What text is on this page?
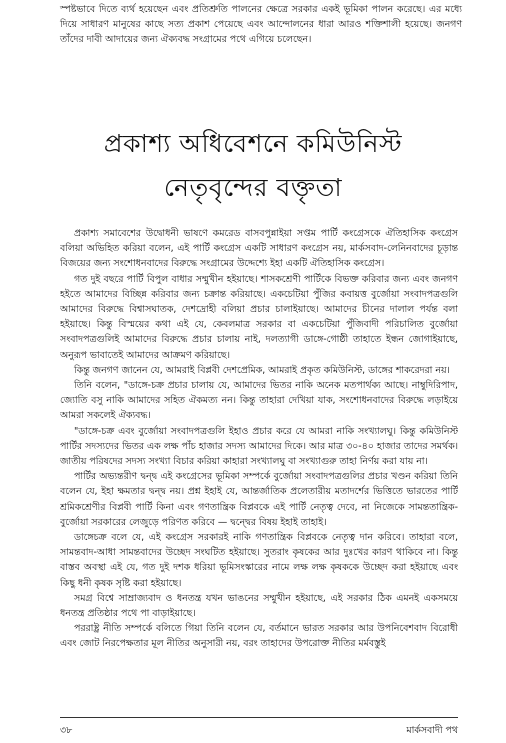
স্পষ্টভাবে দিতে ব্যর্থ হয়েছেন এবং প্রতিশ্রুতি পালনের ক্ষেত্রে সরকার একই ভূমিকা পালন করেছে। এর মধ্যে দিয়ে সাধারণ মানুষের কাছে সত্য প্রকাশ পেয়েছে এবং আন্দোলনের ধারা আরও শক্তিশালী হয়েছে। জনগণ তাঁদের দাবী আদায়ের জন্য ঐক্যবদ্ধ সংগ্রামের পথে এগিয়ে চলেছেন।

প্রকাশ্য অধিবেশনে কমিউনিস্ট
নেতৃবৃন্দের বক্তৃতা

প্রকাশ্য সমাবেশের উদ্বোধনী ভাষণে কমরেড বাসবপুন্নাইয়া সপ্তম পার্টি কংগ্রেসকে ঐতিহাসিক কংগ্রেস বলিয়া অভিহিত করিয়া বলেন, এই পার্টি কংগ্রেস একটি সাধারণ কংগ্রেস নয়, মার্কসবাদ-লেনিনবাদের চূড়ান্ত বিজয়ের জন্য সংশোধনবাদের বিরুদ্ধে সংগ্রামের উদ্দেশ্যে ইহা একটি ঐতিহাসিক কংগ্রেস।

গত দুই বছরে পার্টি বিপুল বাধার সম্মুখীন হইয়াছে। শাসকশ্রেণী পার্টিকে বিভক্ত করিবার জন্য এবং জনগণ হইতে আমাদের বিচ্ছিন্ন করিবার জন্য চক্রান্ত করিয়াছে। একচেটিয়া পুঁজির কবায়ত্ত বুর্জোয়া সংবাদপত্রগুলি আমাদের বিরুদ্ধে বিশ্বাসঘাতক, দেশদ্রোহী বলিয়া প্রচার চালাইয়াছে। আমাদের চীনের দালাল পর্যন্ত বলা হইয়াছে। কিন্তু বিস্ময়ের কথা এই যে, কেবলমাত্র সরকার বা একচেটিয়া পুঁজিবাদী পরিচালিত বুর্জোয়া সংবাদপত্রগুলিই আমাদের বিরুদ্ধে প্রচার চালায় নাই, দলত্যাগী ডাঙ্গে-গোষ্ঠী তাহাতে ইন্ধন জোগাইয়াছে, অনুরূপ ভাবাতেই আমাদের আক্রমণ করিয়াছে।

কিন্তু জনগণ জানেন যে, আমরাই বিপ্লবী দেশপ্রেমিক, আমরাই প্রকৃত কমিউনিস্ট, ডাঙ্গের শাকরেদরা নয়।

তিনি বলেন, "ডাঙ্গে-চক্র প্রচার চালায় যে, আমাদের ভিতর নাকি অনেক মতপার্থক্য আছে। নাম্বুদিরিপাদ, জ্যোতি বসু নাকি আমাদের সহিত ঐকমত্য নন। কিন্তু তাহারা দেখিয়া যাক, সংশোধনবাদের বিরুদ্ধে লড়াইয়ে আমরা সকলেই ঐক্যবদ্ধ।

"ডাঙ্গে-চক্র এবং বুর্জোয়া সংবাদপত্রগুলি ইহাও প্রচার করে যে আমরা নাকি সংখ্যালঘু। কিন্তু কমিউনিস্ট পার্টির সদস্যদের ভিতর এক লক্ষ পাঁচ হাজার সদস্য আমাদের দিকে। আর মাত্র ৩০-৪০ হাজার তাদের সমর্থক। জাতীয় পরিষদের সদস্য সংখ্যা বিচার করিয়া কাহারা সংখ্যালঘু বা সংখ্যাগুরু তাহা নির্ণয় করা যায় না।

পার্টির অভ্যন্তরীণ দ্বন্দ্ব এই কংগ্রেসের ভূমিকা সম্পর্কে বুর্জোয়া সংবাদপত্রগুলির প্রচার খণ্ডন করিয়া তিনি বলেন যে, ইহা ক্ষমতার দ্বন্দ্ব নয়। প্রশ্ন ইহাই যে, আন্তর্জাতিক প্রলেতারীয় মতাদর্শের ভিত্তিতে ভারতের পার্টি শ্রমিকশ্রেণীর বিপ্লবী পার্টি কিনা এবং গণতান্ত্রিক বিপ্লবকে এই পার্টি নেতৃত্ব দেবে, না নিজেকে সামন্ততান্ত্রিক-বুর্জোয়া সরকারের লেজুড়ে পরিণত করিবে — দ্বন্দ্বের বিষয় ইহাই তাহাই।

ডাঙ্গেচক্র বলে যে, এই কংগ্রেস সরকারই নাকি গণতান্ত্রিক বিপ্লবকে নেতৃত্ব দান করিবে। তাহারা বলে, সামন্তবাদ-আধা সামন্তবাদের উচ্ছেদ সংঘটিত হইয়াছে। সুতরাং কৃষকের আর দুঃখের কারণ থাকিবে না। কিন্তু বাস্তব অবস্থা এই যে, গত দুই দশক ধরিয়া ভূমিসংস্কারের নামে লক্ষ লক্ষ কৃষককে উচ্ছেদ করা হইয়াছে এবং কিছু ধনী কৃষক সৃষ্টি করা হইয়াছে।

সমগ্র বিশ্বে সাম্রাজ্যবাদ ও ধনতন্ত্র যখন ভাঙনের সম্মুখীন হইয়াছে, এই সরকার ঠিক এমনই একসময়ে ধনতন্ত্র প্রতিষ্ঠার পথে পা বাড়াইয়াছে।

পররাষ্ট্র নীতি সম্পর্কে বলিতে গিয়া তিনি বলেন যে, বর্তমানে ভারত সরকার আর উপনিবেশবাদ বিরোধী এবং জোট নিরপেক্ষতার মূল নীতির অনুসারী নয়, বরং তাহাদের উপরোক্ত নীতির মর্মবস্তুই

৩৮	মার্কসবাদী পথ
